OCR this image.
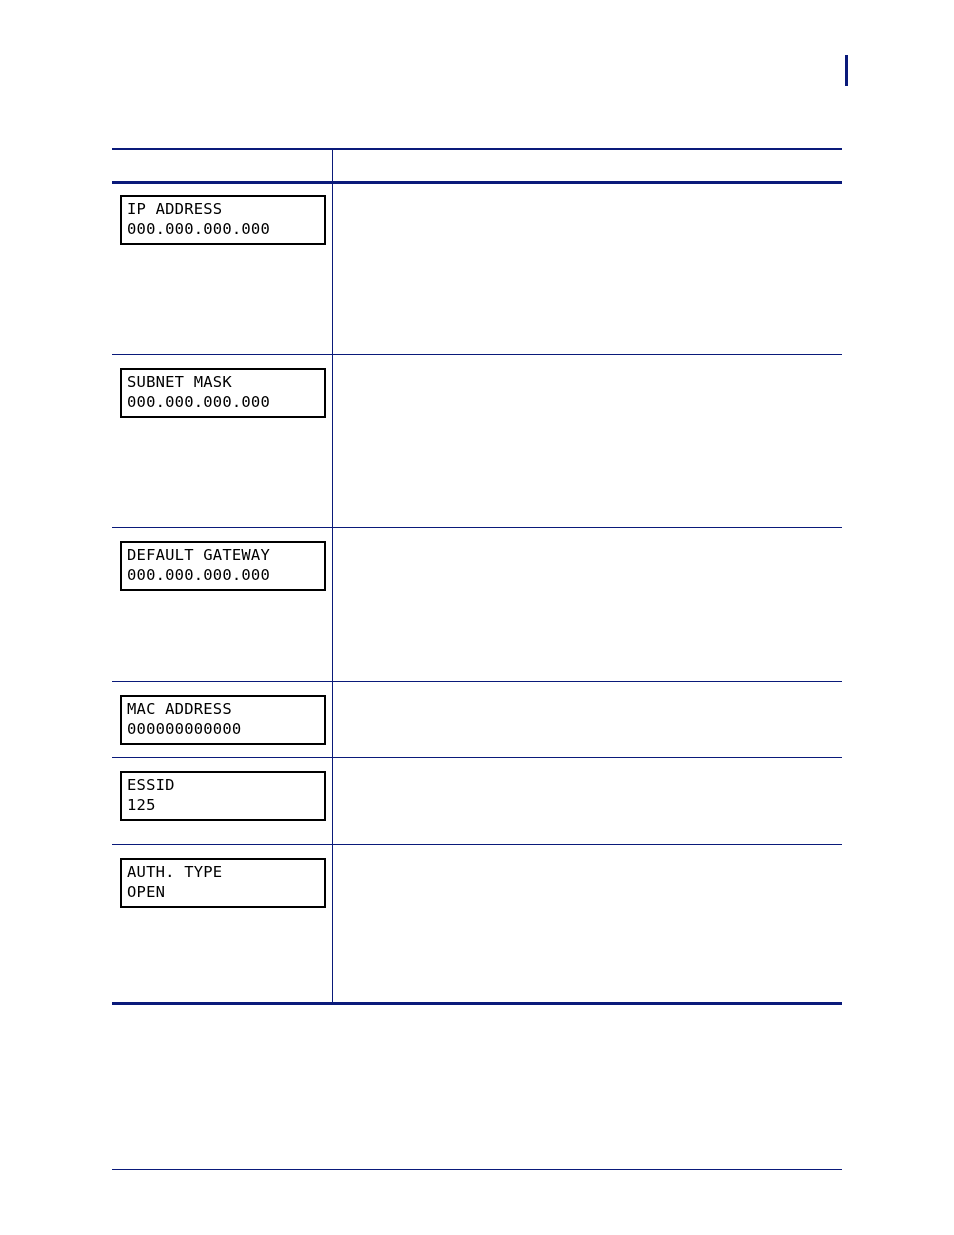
IP ADDRESS
000.000.000.000
SUBNET MASK
000.000.000.000
DEFAULT GATEWAY
000.000.000.000
MAC ADDRESS
000000000000
ESSID
125
AUTH. TYPE
OPEN
